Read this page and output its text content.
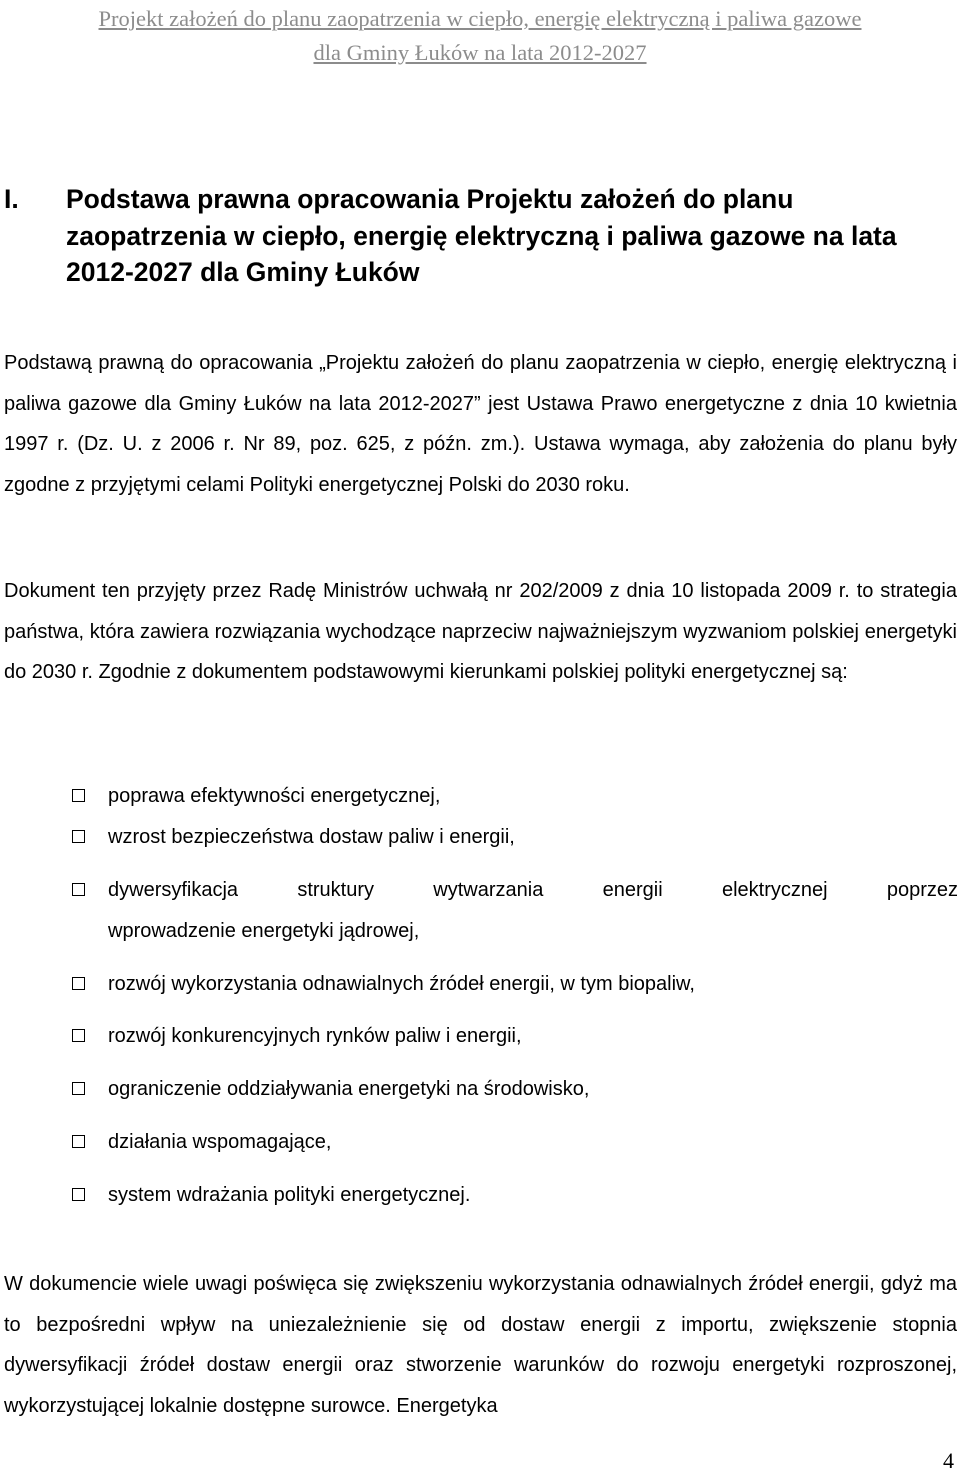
Projekt założeń do planu zaopatrzenia w ciepło, energię elektryczną i paliwa gazowe
dla Gminy Łuków na lata 2012-2027
I. Podstawa prawna opracowania Projektu założeń do planu zaopatrzenia w ciepło, energię elektryczną i paliwa gazowe na lata 2012-2027 dla Gminy Łuków
Podstawą prawną do opracowania „Projektu założeń do planu zaopatrzenia w ciepło, energię elektryczną i paliwa gazowe dla Gminy Łuków na lata 2012-2027” jest Ustawa Prawo energetyczne z dnia 10 kwietnia 1997 r. (Dz. U. z 2006 r. Nr 89, poz. 625, z późn. zm.). Ustawa wymaga, aby założenia do planu były zgodne z przyjętymi celami Polityki energetycznej Polski do 2030 roku.
Dokument ten przyjęty przez Radę Ministrów uchwałą nr 202/2009 z dnia 10 listopada 2009 r. to strategia państwa, która zawiera rozwiązania wychodzące naprzeciw najważniejszym wyzwaniom polskiej energetyki do 2030 r. Zgodnie z dokumentem podstawowymi kierunkami polskiej polityki energetycznej są:
poprawa efektywności energetycznej,
wzrost bezpieczeństwa dostaw paliw i energii,
dywersyfikacja struktury wytwarzania energii elektrycznej poprzez
wprowadzenie energetyki jądrowej,
rozwój wykorzystania odnawialnych źródeł energii, w tym biopaliw,
rozwój konkurencyjnych rynków paliw i energii,
ograniczenie oddziaływania energetyki na środowisko,
działania wspomagające,
system wdrażania polityki energetycznej.
W dokumencie wiele uwagi poświęca się zwiększeniu wykorzystania odnawialnych źródeł energii, gdyż ma to bezpośredni wpływ na uniezależnienie się od dostaw energii z importu, zwiększenie stopnia dywersyfikacji źródeł dostaw energii oraz stworzenie warunków do rozwoju energetyki rozproszonej, wykorzystującej lokalnie dostępne surowce. Energetyka
4
